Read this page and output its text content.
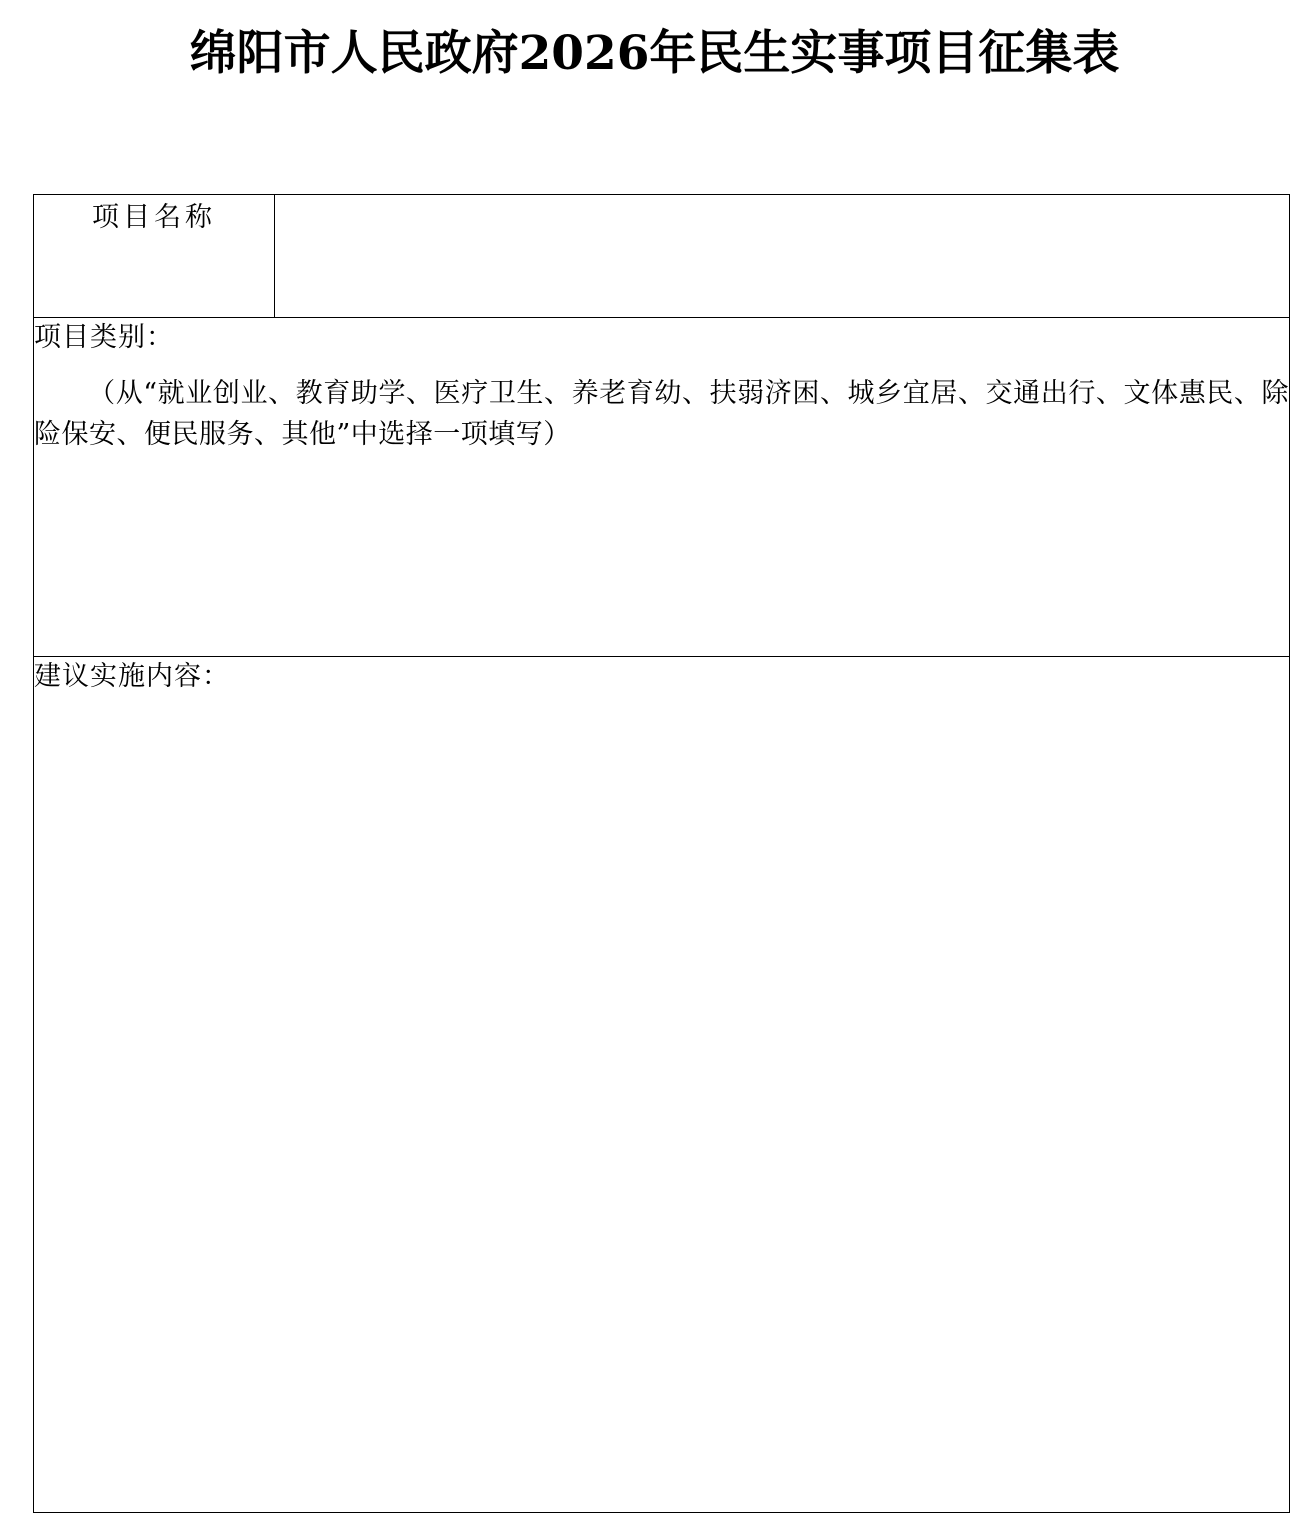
绵阳市人民政府2026年民生实事项目征集表
项目名称	

项目类别：
（从“就业创业、教育助学、医疗卫生、养老育幼、扶弱济困、城乡宜居、交通出行、文体惠民、除险保安、便民服务、其他”中选择一项填写）

建议实施内容：
